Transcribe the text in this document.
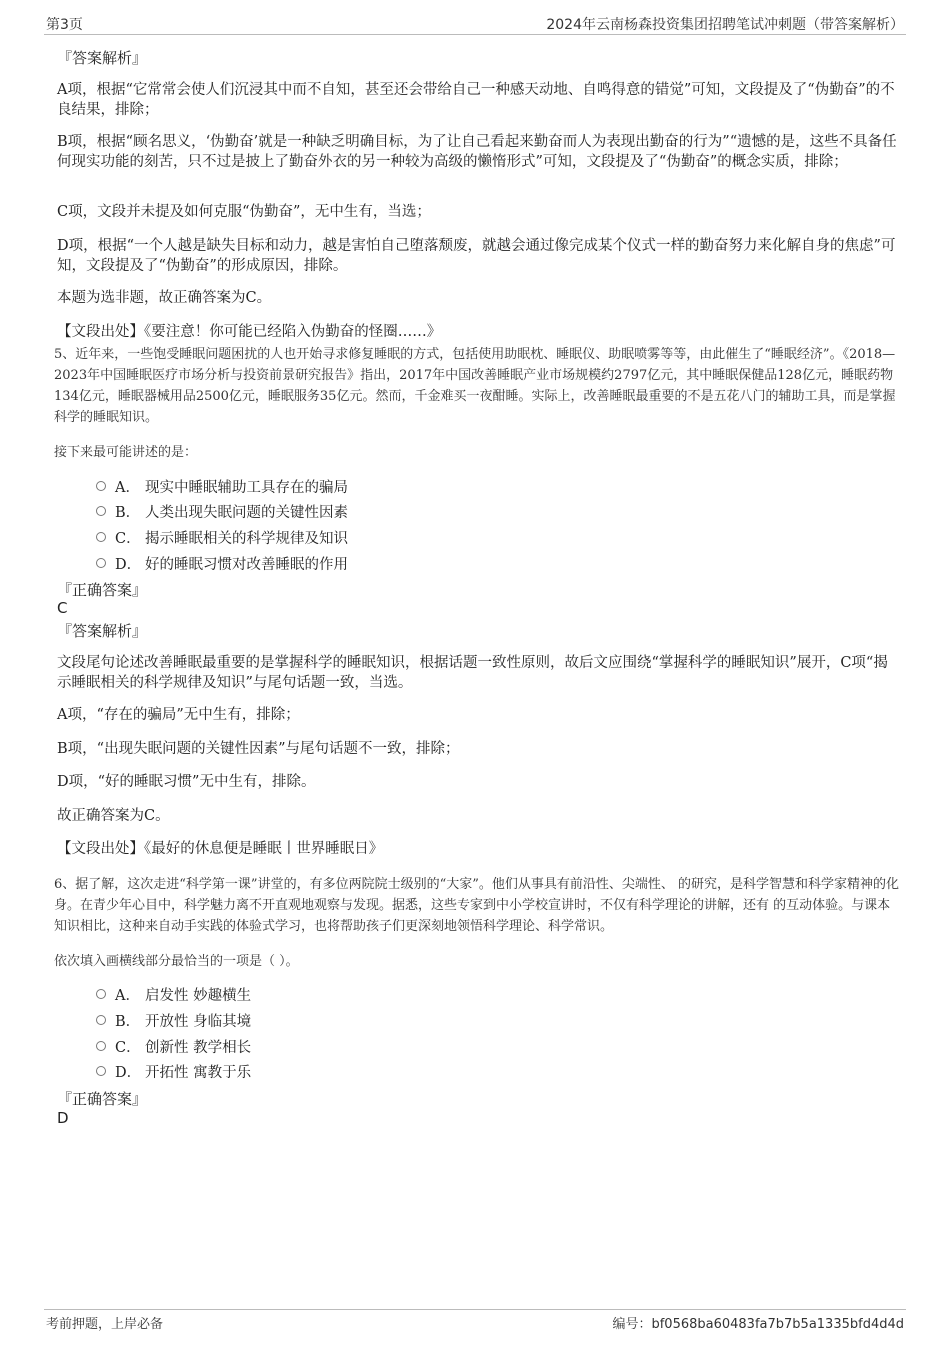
第3页	2024年云南杨森投资集团招聘笔试冲刺题（带答案解析）
『答案解析』

A项，根据“它常常会使人们沉浸其中而不自知，甚至还会带给自己一种感天动地、自鸣得意的错觉”可知，文段提及了“伪勤奋”的不良结果，排除；

B项，根据“顾名思义，‘伪勤奋’就是一种缺乏明确目标，为了让自己看起来勤奋而人为表现出勤奋的行为”“遗憾的是，这些不具备任何现实功能的刻苦，只不过是披上了勤奋外衣的另一种较为高级的懒惰形式”可知，文段提及了“伪勤奋”的概念实质，排除；

C项，文段并未提及如何克服“伪勤奋”，无中生有，当选；

D项，根据“一个人越是缺失目标和动力，越是害怕自己堕落颓废，就越会通过像完成某个仪式一样的勤奋努力来化解自身的焦虑”可知，文段提及了“伪勤奋”的形成原因，排除。

本题为选非题，故正确答案为C。

【文段出处】《要注意！你可能已经陷入伪勤奋的怪圈……》

5、近年来，一些饱受睡眠问题困扰的人也开始寻求修复睡眠的方式，包括使用助眠枕、睡眠仪、助眠喷雾等等，由此催生了“睡眠经济”。《2018—2023年中国睡眠医疗市场分析与投资前景研究报告》指出，2017年中国改善睡眠产业市场规模约2797亿元，其中睡眠保健品128亿元，睡眠药物134亿元，睡眠器械用品2500亿元，睡眠服务35亿元。然而，千金难买一夜酣睡。实际上，改善睡眠最重要的不是五花八门的辅助工具，而是掌握科学的睡眠知识。

接下来最可能讲述的是：
A． 现实中睡眠辅助工具存在的骗局
B． 人类出现失眠问题的关键性因素
C． 揭示睡眠相关的科学规律及知识
D． 好的睡眠习惯对改善睡眠的作用
『正确答案』
C
『答案解析』

文段尾句论述改善睡眠最重要的是掌握科学的睡眠知识，根据话题一致性原则，故后文应围绕“掌握科学的睡眠知识”展开，C项“揭示睡眠相关的科学规律及知识”与尾句话题一致，当选。

A项，“存在的骗局”无中生有，排除；

B项，“出现失眠问题的关键性因素”与尾句话题不一致，排除；

D项，“好的睡眠习惯”无中生有，排除。

故正确答案为C。

【文段出处】《最好的休息便是睡眠丨世界睡眠日》

6、据了解，这次走进“科学第一课”讲堂的，有多位两院院士级别的“大家”。他们从事具有前沿性、尖端性、 的研究，是科学智慧和科学家精神的化身。在青少年心目中，科学魅力离不开直观地观察与发现。据悉，这些专家到中小学校宣讲时，不仅有科学理论的讲解，还有 的互动体验。与课本知识相比，这种来自动手实践的体验式学习，也将帮助孩子们更深刻地领悟科学理论、科学常识。

依次填入画横线部分最恰当的一项是（ ）。
A． 启发性 妙趣横生
B． 开放性 身临其境
C． 创新性 教学相长
D． 开拓性 寓教于乐
『正确答案』
D
考前押题，上岸必备	编号：bf0568ba60483fa7b7b5a1335bfd4d4d
